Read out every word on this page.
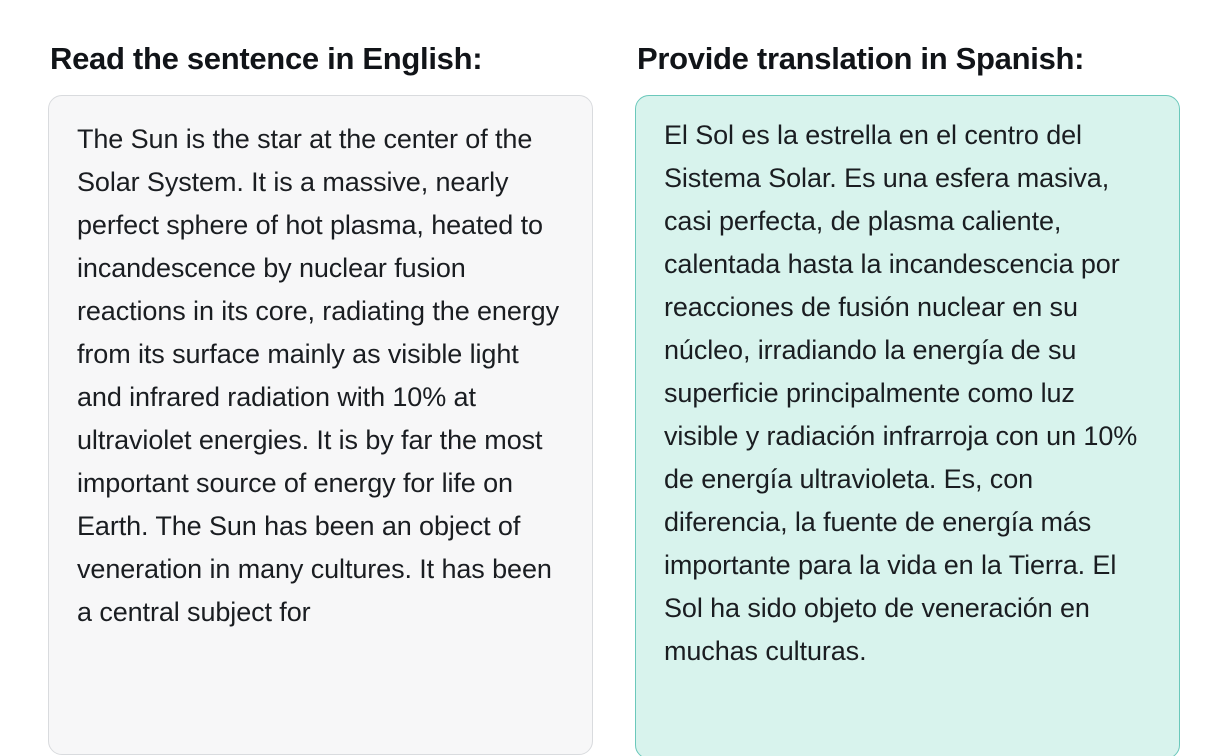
Read the sentence in English:

The Sun is the star at the center of the Solar System. It is a massive, nearly perfect sphere of hot plasma, heated to incandescence by nuclear fusion reactions in its core, radiating the energy from its surface mainly as visible light and infrared radiation with 10% at ultraviolet energies. It is by far the most important source of energy for life on Earth. The Sun has been an object of veneration in many cultures. It has been a central subject for

Provide translation in Spanish:

El Sol es la estrella en el centro del Sistema Solar. Es una esfera masiva, casi perfecta, de plasma caliente, calentada hasta la incandescencia por reacciones de fusión nuclear en su núcleo, irradiando la energía de su superficie principalmente como luz visible y radiación infrarroja con un 10% de energía ultravioleta. Es, con diferencia, la fuente de energía más importante para la vida en la Tierra. El Sol ha sido objeto de veneración en muchas culturas.
